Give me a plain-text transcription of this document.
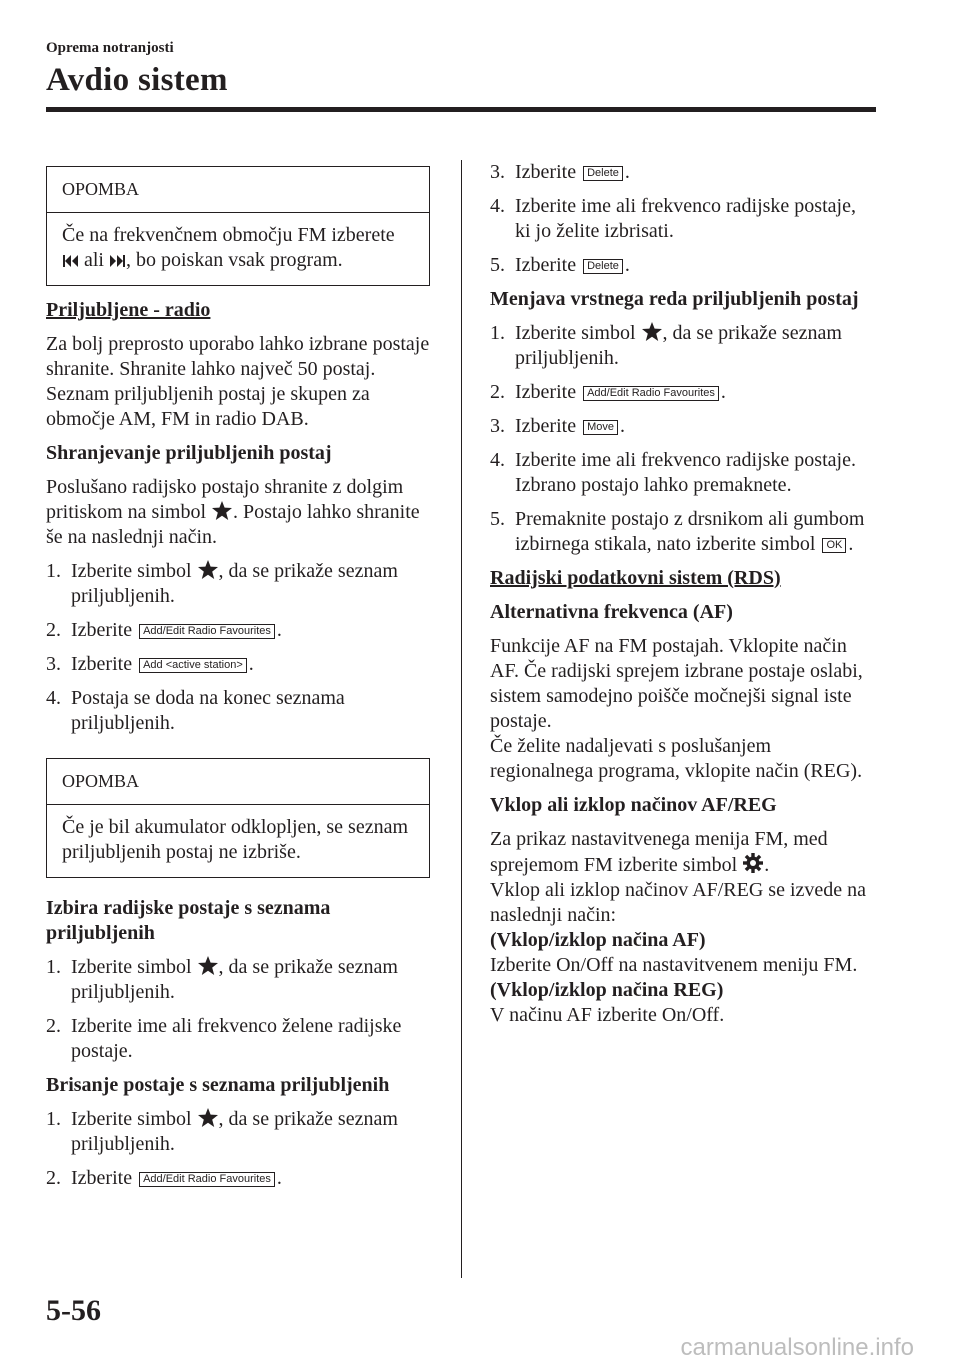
Oprema notranjosti
Avdio sistem
OPOMBA
Če na frekvenčnem območju FM izberete  ali , bo poiskan vsak program.
Priljubljene - radio

Za bolj preprosto uporabo lahko izbrane postaje shranite. Shranite lahko največ 50 postaj. Seznam priljubljenih postaj je skupen za območje AM, FM in radio DAB.

Shranjevanje priljubljenih postaj

Poslušano radijsko postajo shranite z dolgim pritiskom na simbol . Postajo lahko shranite še na naslednji način.

1. Izberite simbol , da se prikaže seznam priljubljenih.
2. Izberite Add/Edit Radio Favourites .
3. Izberite Add <active station> .
4. Postaja se doda na konec seznama priljubljenih.
OPOMBA
Če je bil akumulator odklopljen, se seznam priljubljenih postaj ne izbriše.
Izbira radijske postaje s seznama priljubljenih
1. Izberite simbol , da se prikaže seznam priljubljenih.
2. Izberite ime ali frekvenco želene radijske postaje.
Brisanje postaje s seznama priljubljenih
1. Izberite simbol , da se prikaže seznam priljubljenih.
2. Izberite Add/Edit Radio Favourites .
3. Izberite Delete .
4. Izberite ime ali frekvenco radijske postaje, ki jo želite izbrisati.
5. Izberite Delete .
Menjava vrstnega reda priljubljenih postaj
1. Izberite simbol , da se prikaže seznam priljubljenih.
2. Izberite Add/Edit Radio Favourites .
3. Izberite Move .
4. Izberite ime ali frekvenco radijske postaje. Izbrano postajo lahko premaknete.
5. Premaknite postajo z drsnikom ali gumbom izbirnega stikala, nato izberite simbol OK .
Radijski podatkovni sistem (RDS)
Alternativna frekvenca (AF)
Funkcije AF na FM postajah. Vklopite način AF. Če radijski sprejem izbrane postaje oslabi, sistem samodejno poišče močnejši signal iste postaje.

Če želite nadaljevati s poslušanjem regionalnega programa, vklopite način (REG).

Vklop ali izklop načinov AF/REG
Za prikaz nastavitvenega menija FM, med sprejemom FM izberite simbol .
Vklop ali izklop načinov AF/REG se izvede na naslednji način:
(Vklop/izklop načina AF)
Izberite On/Off na nastavitvenem meniju FM.
(Vklop/izklop načina REG)
V načinu AF izberite On/Off.
5-56
carmanualsonline.info
